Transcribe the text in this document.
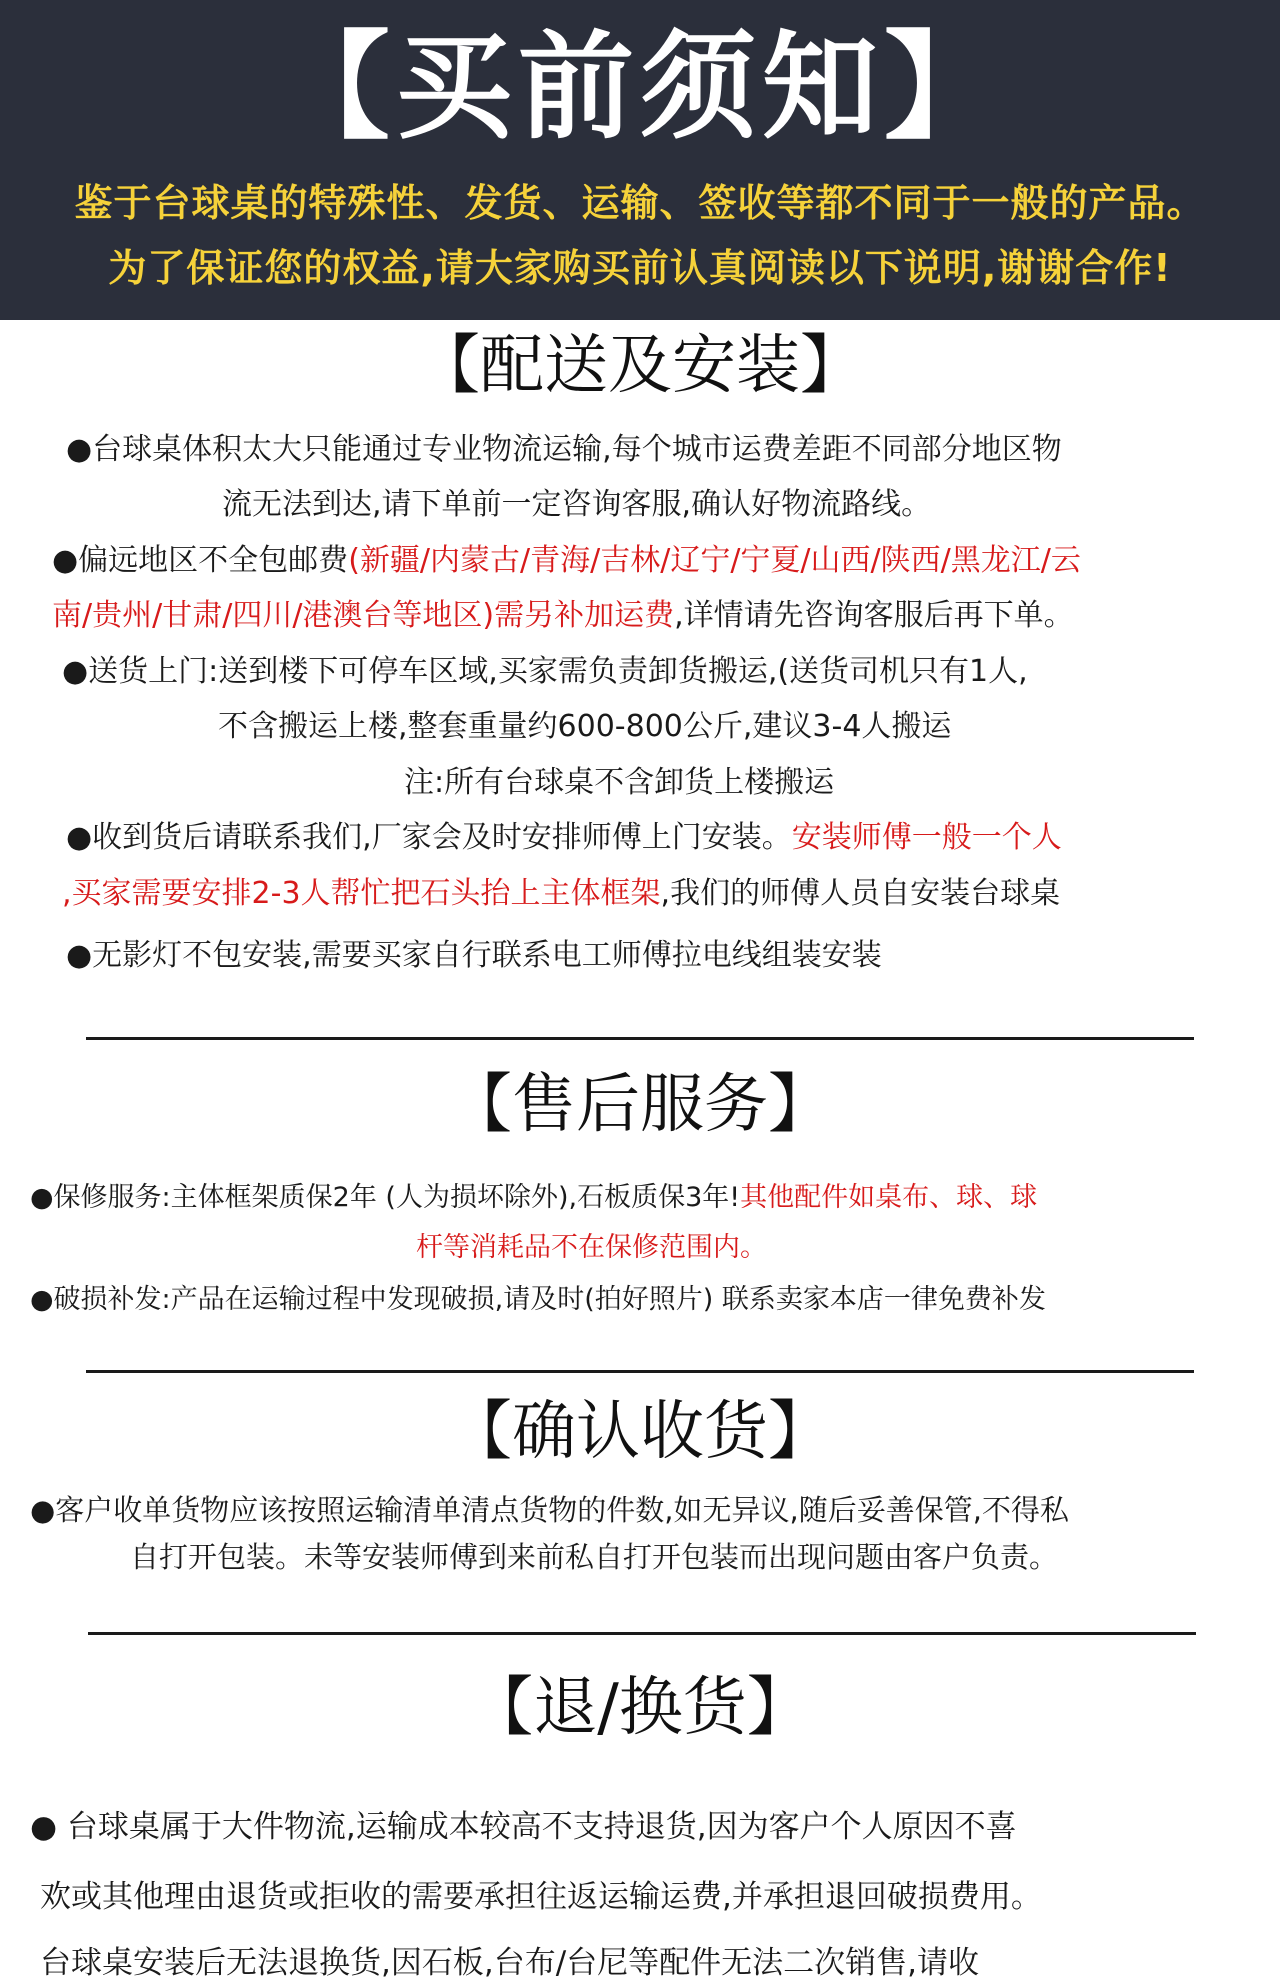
【买前须知】
鉴于台球桌的特殊性、发货、运输、签收等都不同于一般的产品。
为了保证您的权益,请大家购买前认真阅读以下说明,谢谢合作!
【配送及安装】
●台球桌体积太大只能通过专业物流运输,每个城市运费差距不同部分地区物
流无法到达,请下单前一定咨询客服,确认好物流路线。
●偏远地区不全包邮费(新疆/内蒙古/青海/吉林/辽宁/宁夏/山西/陕西/黑龙江/云
南/贵州/甘肃/四川/港澳台等地区)需另补加运费,详情请先咨询客服后再下单。
●送货上门:送到楼下可停车区域,买家需负责卸货搬运,(送货司机只有1人,
不含搬运上楼,整套重量约600-800公斤,建议3-4人搬运
注:所有台球桌不含卸货上楼搬运
●收到货后请联系我们,厂家会及时安排师傅上门安装。安装师傅一般一个人
,买家需要安排2-3人帮忙把石头抬上主体框架,我们的师傅人员自安装台球桌
●无影灯不包安装,需要买家自行联系电工师傅拉电线组装安装
【售后服务】
●保修服务:主体框架质保2年 (人为损坏除外),石板质保3年!其他配件如桌布、球、球
杆等消耗品不在保修范围内。
●破损补发:产品在运输过程中发现破损,请及时(拍好照片) 联系卖家本店一律免费补发
【确认收货】
●客户收单货物应该按照运输清单清点货物的件数,如无异议,随后妥善保管,不得私
自打开包装。未等安装师傅到来前私自打开包装而出现问题由客户负责。
【退/换货】
● 台球桌属于大件物流,运输成本较高不支持退货,因为客户个人原因不喜
欢或其他理由退货或拒收的需要承担往返运输运费,并承担退回破损费用。
台球桌安装后无法退换货,因石板,台布/台尼等配件无法二次销售,请收
